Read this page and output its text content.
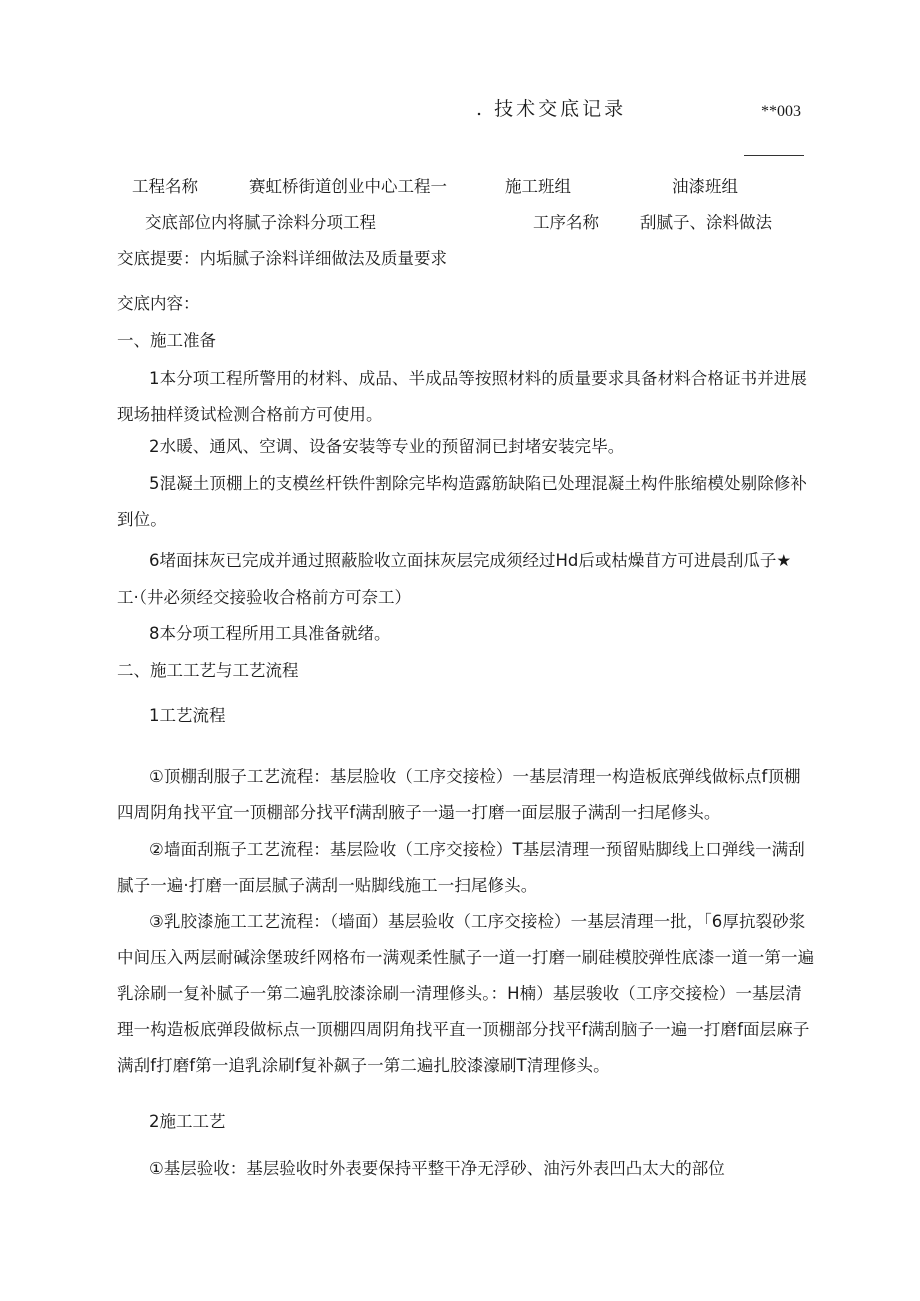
. 技术交底记录	**003
工程名称	赛虹桥街道创业中心工程一	施工班组	油漆班组
交底部位内将腻子涂料分项工程	工序名称 刮腻子、涂料做法
交底提要：内垢腻子涂料详细做法及质量要求
交底内容：
一、施工准备
1本分项工程所警用的材料、成品、半成品等按照材料的质量要求具备材料合格证书并进展现场抽样烫试检测合格前方可使用。
2水暖、通风、空调、设备安装等专业的预留洞已封堵安装完毕。
5混凝土顶棚上的支模丝杆铁件割除完毕构造露筋缺陷已处理混凝土构件胀缩模处剔除修补到位。
6堵面抹灰已完成并通过照蔽脸收立面抹灰层完成须经过Hd后或枯燥苜方可进晨刮瓜子★
工·（井必须经交接验收合格前方可奈工）
8本分项工程所用工具准备就绪。
二、施工工艺与工艺流程
1工艺流程
①顶棚刮服子工艺流程：基层脸收（工序交接检）一基层清理一构造板底弹线做标点f顶棚四周阴角找平宜一顶棚部分找平f满刮腋子一遢一打磨一面层服子满刮一扫尾修头。
②墙面刮瓶子工艺流程：基层险收（工序交接检）T基层清理一预留贴脚线上口弹线一满刮腻子一遍·打磨一面层腻子满刮一贴脚线施工一扫尾修头。
③乳胶漆施工工艺流程：（墙面）基层验收（工序交接检）一基层清理一批，「6厚抗裂砂浆中间压入两层耐碱涂堡玻纤网格布一满观柔性腻子一道一打磨一刷硅模胶弹性底漆一道一第一遍乳涂刷一复补腻子一第二遍乳胶漆涂刷一清理修头。：H楠）基层骏收（工序交接检）一基层清理一构造板底弹段做标点一顶棚四周阴角找平直一顶棚部分找平f满刮脑子一遍一打磨f面层麻子满刮f打磨f第一追乳涂刷f复补飙子一第二遍扎胶漆濠刷T清理修头。
2施工工艺
①基层验收：基层验收时外表要保持平整干净无浮砂、油污外表凹凸太大的部位
